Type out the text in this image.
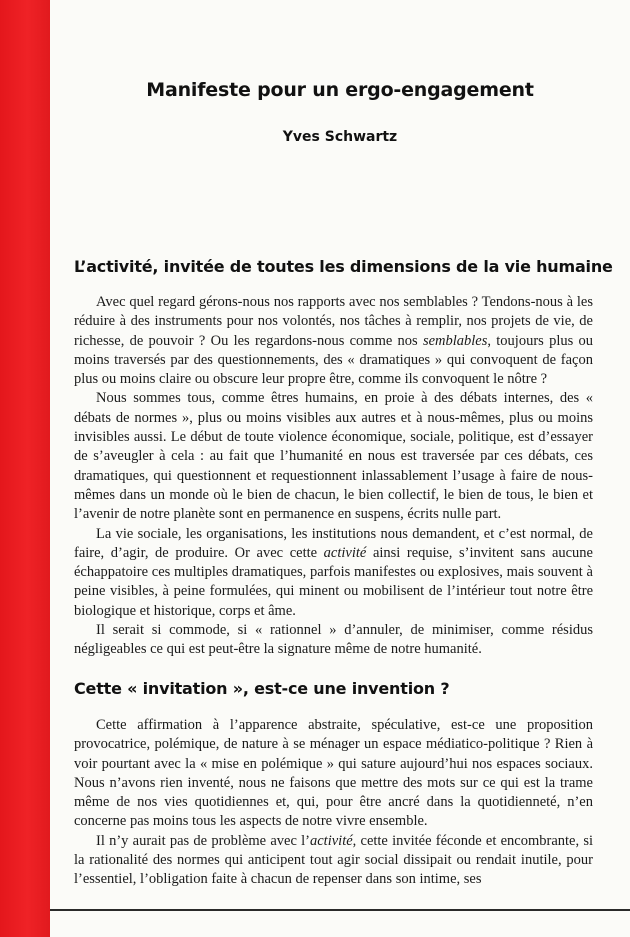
Manifeste pour un ergo-engagement
Yves Schwartz
L’activité, invitée de toutes les dimensions de la vie humaine

Avec quel regard gérons-nous nos rapports avec nos semblables ? Tendons-nous à les réduire à des instruments pour nos volontés, nos tâches à remplir, nos projets de vie, de richesse, de pouvoir ? Ou les regardons-nous comme nos semblables, toujours plus ou moins traversés par des questionnements, des « dramatiques » qui convoquent de façon plus ou moins claire ou obscure leur propre être, comme ils convoquent le nôtre ?

Nous sommes tous, comme êtres humains, en proie à des débats internes, des « débats de normes », plus ou moins visibles aux autres et à nous-mêmes, plus ou moins invisibles aussi. Le début de toute violence économique, sociale, politique, est d’essayer de s’aveugler à cela : au fait que l’humanité en nous est traversée par ces débats, ces dramatiques, qui questionnent et requestionnent inlassablement l’usage à faire de nous-mêmes dans un monde où le bien de chacun, le bien collectif, le bien de tous, le bien et l’avenir de notre planète sont en permanence en suspens, écrits nulle part.

La vie sociale, les organisations, les institutions nous demandent, et c’est normal, de faire, d’agir, de produire. Or avec cette activité ainsi requise, s’invitent sans aucune échappatoire ces multiples dramatiques, parfois manifestes ou explosives, mais souvent à peine visibles, à peine formulées, qui minent ou mobilisent de l’intérieur tout notre être biologique et historique, corps et âme.

Il serait si commode, si « rationnel » d’annuler, de minimiser, comme résidus négligeables ce qui est peut-être la signature même de notre humanité.

Cette « invitation », est-ce une invention ?

Cette affirmation à l’apparence abstraite, spéculative, est-ce une proposition provocatrice, polémique, de nature à se ménager un espace médiatico-politique ? Rien à voir pourtant avec la « mise en polémique » qui sature aujourd’hui nos espaces sociaux. Nous n’avons rien inventé, nous ne faisons que mettre des mots sur ce qui est la trame même de nos vies quotidiennes et, qui, pour être ancré dans la quotidienneté, n’en concerne pas moins tous les aspects de notre vivre ensemble.

Il n’y aurait pas de problème avec l’activité, cette invitée féconde et encombrante, si la rationalité des normes qui anticipent tout agir social dissipait ou rendait inutile, pour l’essentiel, l’obligation faite à chacun de repenser dans son intime, ses
